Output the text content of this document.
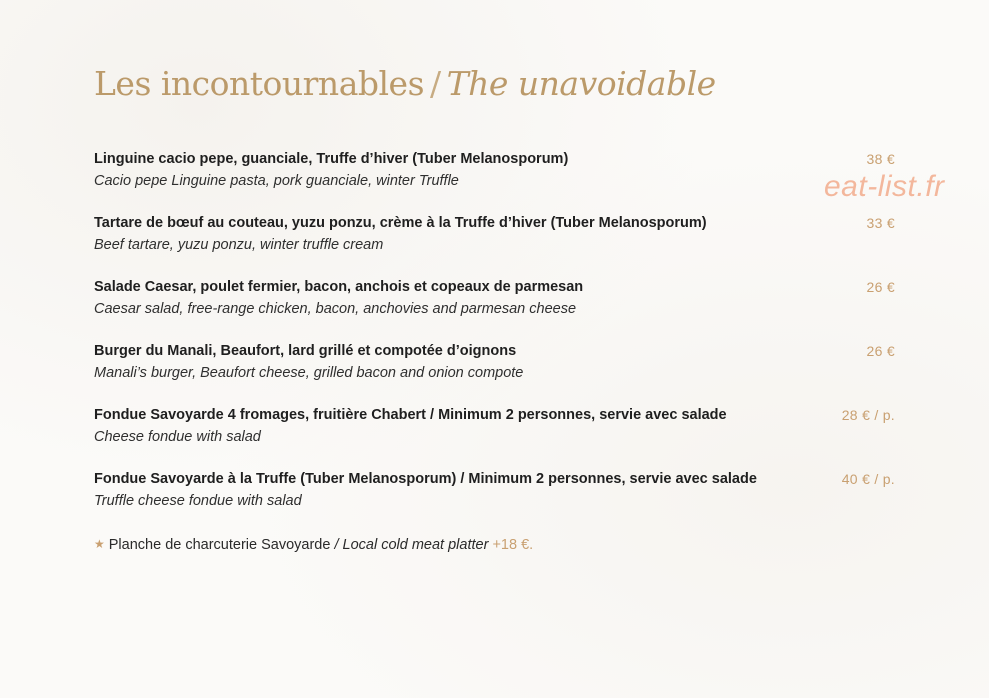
Les incontournables / The unavoidable
eat-list.fr
Linguine cacio pepe, guanciale, Truffe d’hiver (Tuber Melanosporum)
Cacio pepe Linguine pasta, pork guanciale, winter Truffle
38 €
Tartare de bœuf au couteau, yuzu ponzu, crème à la Truffe d’hiver (Tuber Melanosporum)
Beef tartare, yuzu ponzu, winter truffle cream
33 €
Salade Caesar, poulet fermier, bacon, anchois et copeaux de parmesan
Caesar salad, free-range chicken, bacon, anchovies and parmesan cheese
26 €
Burger du Manali, Beaufort, lard grillé et compotée d’oignons
Manali’s burger, Beaufort cheese, grilled bacon and onion compote
26 €
Fondue Savoyarde 4 fromages, fruitière Chabert / Minimum 2 personnes, servie avec salade
Cheese fondue with salad
28 € / p.
Fondue Savoyarde à la Truffe (Tuber Melanosporum) / Minimum 2 personnes, servie avec salade
Truffle cheese fondue with salad
40 € / p.
★ Planche de charcuterie Savoyarde / Local cold meat platter +18 €.
